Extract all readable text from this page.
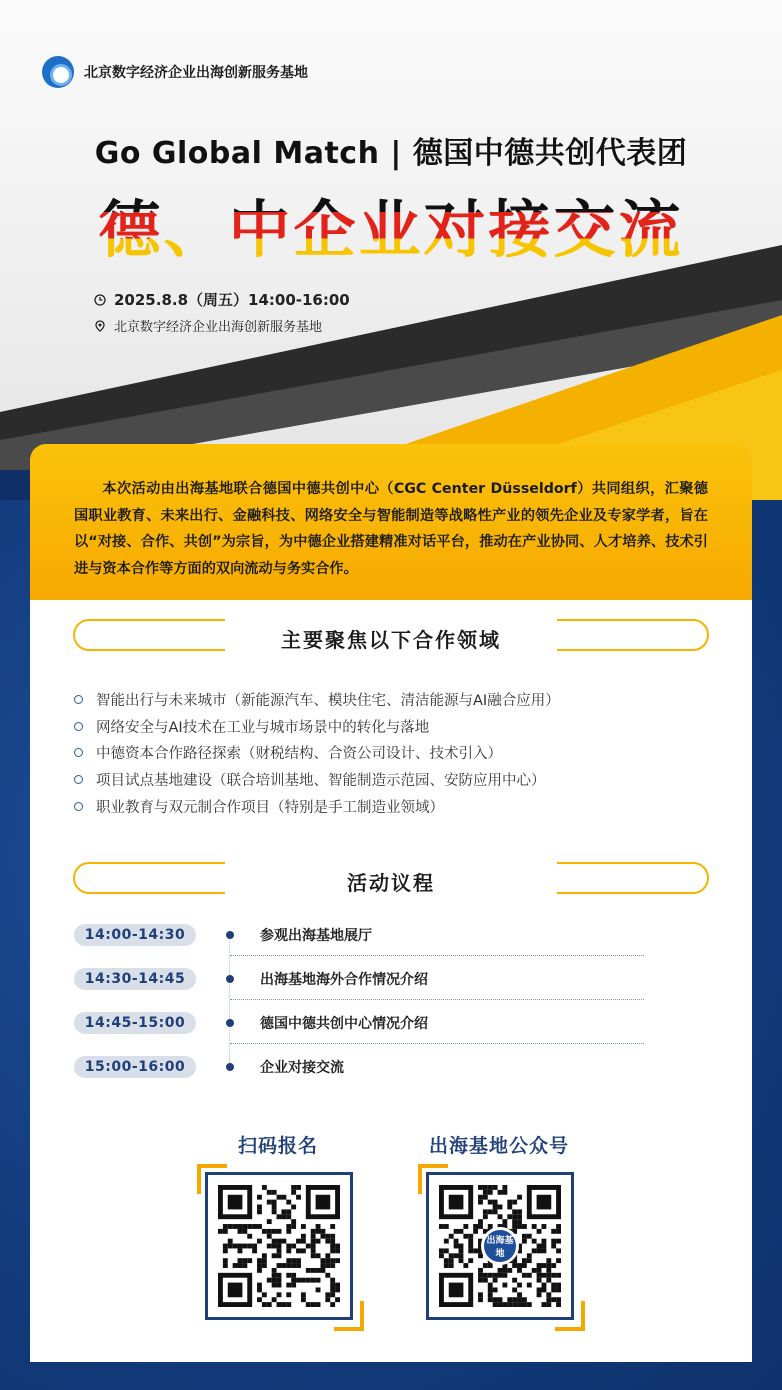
北京数字经济企业出海创新服务基地
Go Global Match | 德国中德共创代表团
德、中企业对接交流
2025.8.8（周五）14:00-16:00
北京数字经济企业出海创新服务基地

本次活动由出海基地联合德国中德共创中心（CGC Center Düsseldorf）共同组织，汇聚德国职业教育、未来出行、金融科技、网络安全与智能制造等战略性产业的领先企业及专家学者，旨在以“对接、合作、共创”为宗旨，为中德企业搭建精准对话平台，推动在产业协同、人才培养、技术引进与资本合作等方面的双向流动与务实合作。

主要聚焦以下合作领域
智能出行与未来城市（新能源汽车、模块住宅、清洁能源与AI融合应用）
网络安全与AI技术在工业与城市场景中的转化与落地
中德资本合作路径探索（财税结构、合资公司设计、技术引入）
项目试点基地建设（联合培训基地、智能制造示范园、安防应用中心）
职业教育与双元制合作项目（特别是手工制造业领域）
活动议程
14:00-14:30	参观出海基地展厅
14:30-14:45	出海基地海外合作情况介绍
14:45-15:00	德国中德共创中心情况介绍
15:00-16:00	企业对接交流
扫码报名	出海基地公众号
出海基地
